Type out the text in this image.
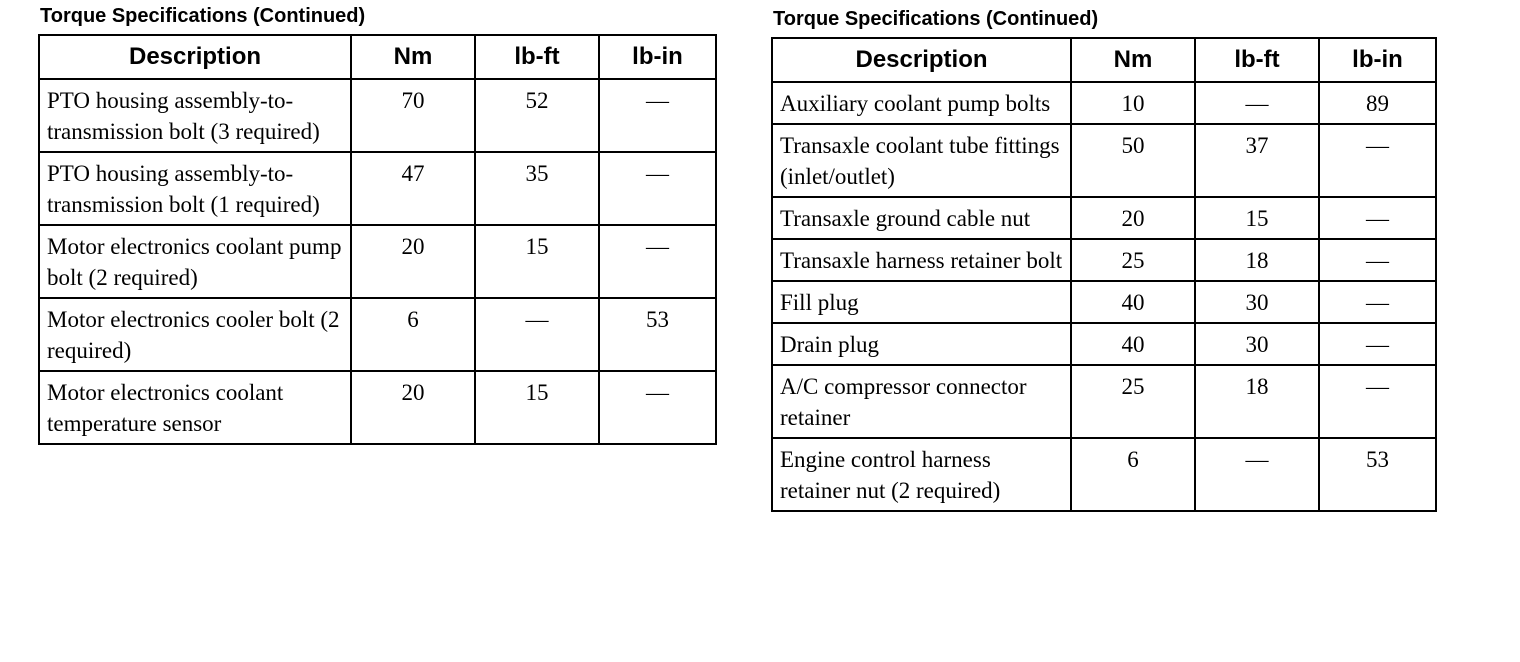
Torque Specifications (Continued)
Description	Nm	lb-ft	lb-in
PTO housing assembly-to-transmission bolt (3 required)	70	52	—
PTO housing assembly-to-transmission bolt (1 required)	47	35	—
Motor electronics coolant pump bolt (2 required)	20	15	—
Motor electronics cooler bolt (2 required)	6	—	53
Motor electronics coolant temperature sensor	20	15	—
Torque Specifications (Continued)
Description	Nm	lb-ft	lb-in
Auxiliary coolant pump bolts	10	—	89
Transaxle coolant tube fittings (inlet/outlet)	50	37	—
Transaxle ground cable nut	20	15	—
Transaxle harness retainer bolt	25	18	—
Fill plug	40	30	—
Drain plug	40	30	—
A/C compressor connector retainer	25	18	—
Engine control harness retainer nut (2 required)	6	—	53
